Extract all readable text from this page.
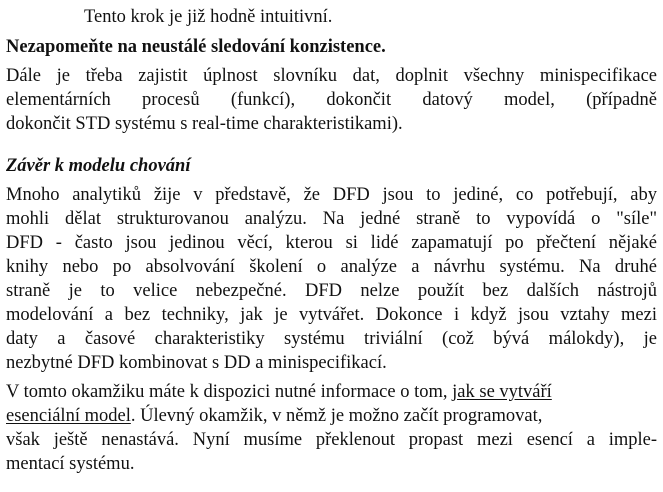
Tento krok je již hodně intuitivní.
Nezapomeňte na neustálé sledování konzistence.
Dále je třeba zajistit úplnost slovníku dat, doplnit všechny minispecifikace
elementárních procesů (funkcí), dokončit datový model, (případně
dokončit STD systému s real-time charakteristikami).
Závěr k modelu chování
Mnoho analytiků žije v představě, že DFD jsou to jediné, co potřebují, aby
mohli dělat strukturovanou analýzu. Na jedné straně to vypovídá o "síle"
DFD - často jsou jedinou věcí, kterou si lidé zapamatují po přečtení nějaké
knihy nebo po absolvování školení o analýze a návrhu systému. Na druhé
straně je to velice nebezpečné. DFD nelze použít bez dalších nástrojů
modelování a bez techniky, jak je vytvářet. Dokonce i když jsou vztahy mezi
daty a časové charakteristiky systému triviální (což bývá málokdy), je
nezbytné DFD kombinovat s DD a minispecifikací.
V tomto okamžiku máte k dispozici nutné informace o tom, jak se vytváří
esenciální model. Úlevný okamžik, v němž je možno začít programovat,
však ještě nenastává. Nyní musíme překlenout propast mezi esencí a imple-
mentací systému.
